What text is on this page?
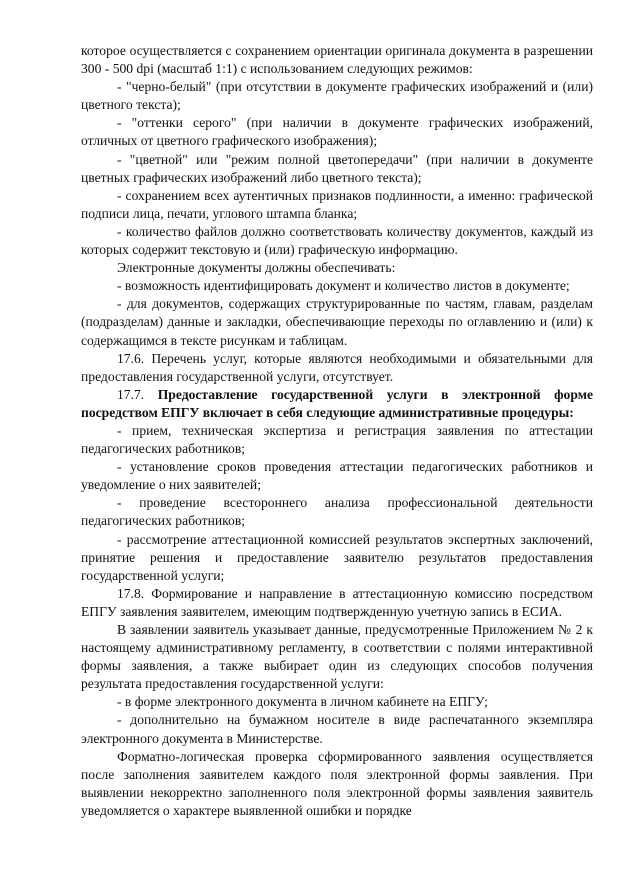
которое осуществляется с сохранением ориентации оригинала документа в разрешении 300 - 500 dpi (масштаб 1:1) с использованием следующих режимов:

- "черно-белый" (при отсутствии в документе графических изображений и (или) цветного текста);

- "оттенки серого" (при наличии в документе графических изображений, отличных от цветного графического изображения);

- "цветной" или "режим полной цветопередачи" (при наличии в документе цветных графических изображений либо цветного текста);

- сохранением всех аутентичных признаков подлинности, а именно: графической подписи лица, печати, углового штампа бланка;

- количество файлов должно соответствовать количеству документов, каждый из которых содержит текстовую и (или) графическую информацию.

Электронные документы должны обеспечивать:

- возможность идентифицировать документ и количество листов в документе;

- для документов, содержащих структурированные по частям, главам, разделам (подразделам) данные и закладки, обеспечивающие переходы по оглавлению и (или) к содержащимся в тексте рисункам и таблицам.

17.6. Перечень услуг, которые являются необходимыми и обязательными для предоставления государственной услуги, отсутствует.

17.7. Предоставление государственной услуги в электронной форме посредством ЕПГУ включает в себя следующие административные процедуры:

- прием, техническая экспертиза и регистрация заявления по аттестации педагогических работников;

- установление сроков проведения аттестации педагогических работников и уведомление о них заявителей;

- проведение всестороннего анализа профессиональной деятельности педагогических работников;

- рассмотрение аттестационной комиссией результатов экспертных заключений, принятие решения и предоставление заявителю результатов предоставления государственной услуги;

17.8. Формирование и направление в аттестационную комиссию посредством ЕПГУ заявления заявителем, имеющим подтвержденную учетную запись в ЕСИА.

В заявлении заявитель указывает данные, предусмотренные Приложением № 2 к настоящему административному регламенту, в соответствии с полями интерактивной формы заявления, а также выбирает один из следующих способов получения результата предоставления государственной услуги:

- в форме электронного документа в личном кабинете на ЕПГУ;

- дополнительно на бумажном носителе в виде распечатанного экземпляра электронного документа в Министерстве.

Форматно-логическая проверка сформированного заявления осуществляется после заполнения заявителем каждого поля электронной формы заявления. При выявлении некорректно заполненного поля электронной формы заявления заявитель уведомляется о характере выявленной ошибки и порядке
